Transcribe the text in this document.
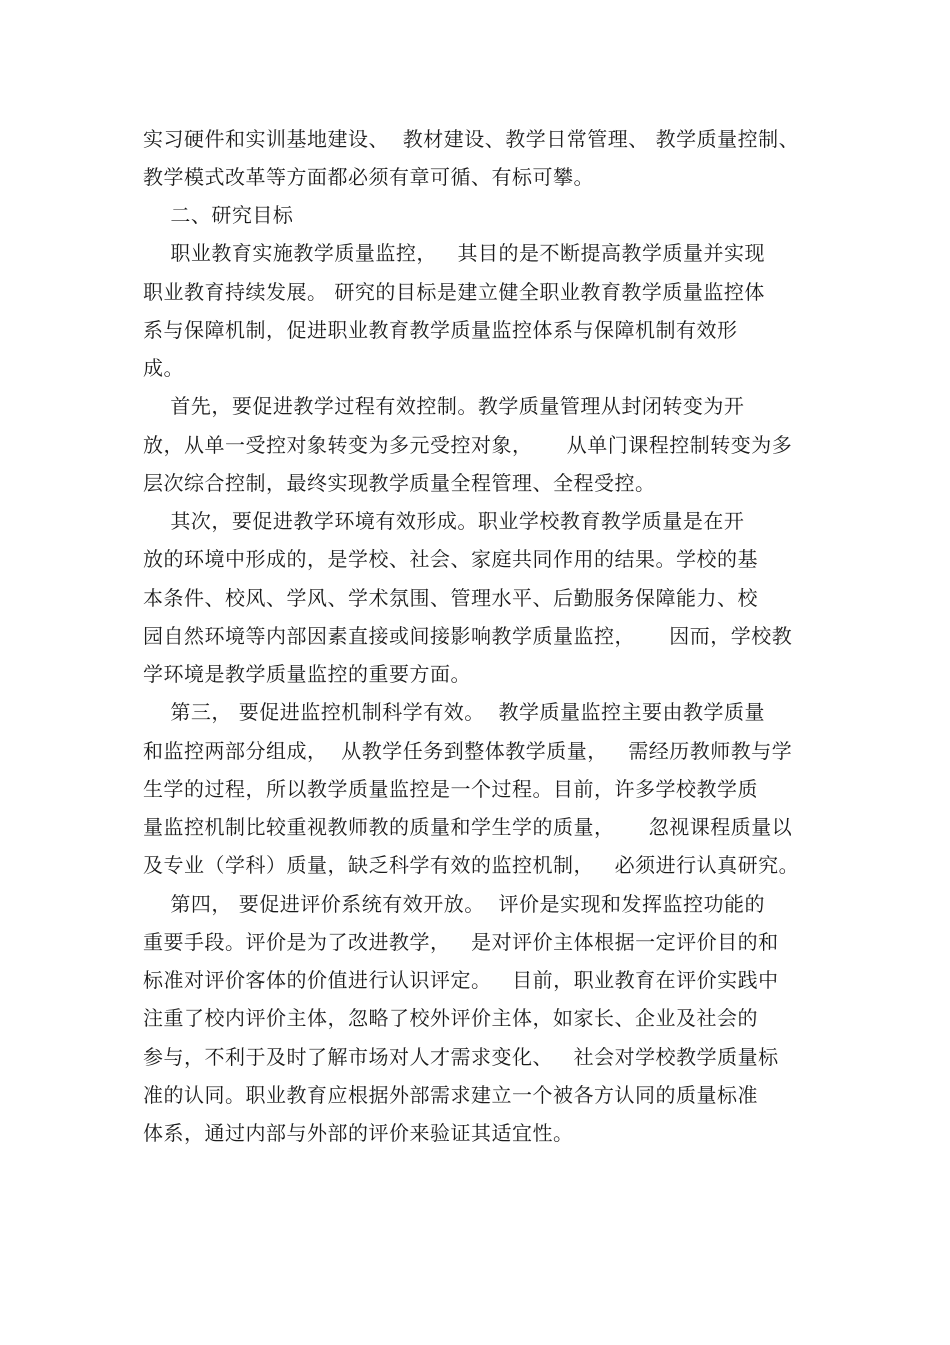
实习硬件和实训基地建设、  教材建设、教学日常管理、 教学质量控制、
教学模式改革等方面都必须有章可循、有标可攀。
二、研究目标
职业教育实施教学质量监控，   其目的是不断提高教学质量并实现
职业教育持续发展。 研究的目标是建立健全职业教育教学质量监控体
系与保障机制，促进职业教育教学质量监控体系与保障机制有效形
成。
首先，要促进教学过程有效控制。教学质量管理从封闭转变为开
放，从单一受控对象转变为多元受控对象，     从单门课程控制转变为多
层次综合控制，最终实现教学质量全程管理、全程受控。
其次，要促进教学环境有效形成。职业学校教育教学质量是在开
放的环境中形成的，是学校、社会、家庭共同作用的结果。学校的基
本条件、校风、学风、学术氛围、管理水平、后勤服务保障能力、校
园自然环境等内部因素直接或间接影响教学质量监控，     因而，学校教
学环境是教学质量监控的重要方面。
第三， 要促进监控机制科学有效。  教学质量监控主要由教学质量
和监控两部分组成，  从教学任务到整体教学质量，   需经历教师教与学
生学的过程，所以教学质量监控是一个过程。目前，许多学校教学质
量监控机制比较重视教师教的质量和学生学的质量，     忽视课程质量以
及专业（学科）质量，缺乏科学有效的监控机制，   必须进行认真研究。
第四， 要促进评价系统有效开放。  评价是实现和发挥监控功能的
重要手段。评价是为了改进教学，   是对评价主体根据一定评价目的和
标准对评价客体的价值进行认识评定。   目前，职业教育在评价实践中
注重了校内评价主体，忽略了校外评价主体，如家长、企业及社会的
参与，不利于及时了解市场对人才需求变化、   社会对学校教学质量标
准的认同。职业教育应根据外部需求建立一个被各方认同的质量标准
体系，通过内部与外部的评价来验证其适宜性。
